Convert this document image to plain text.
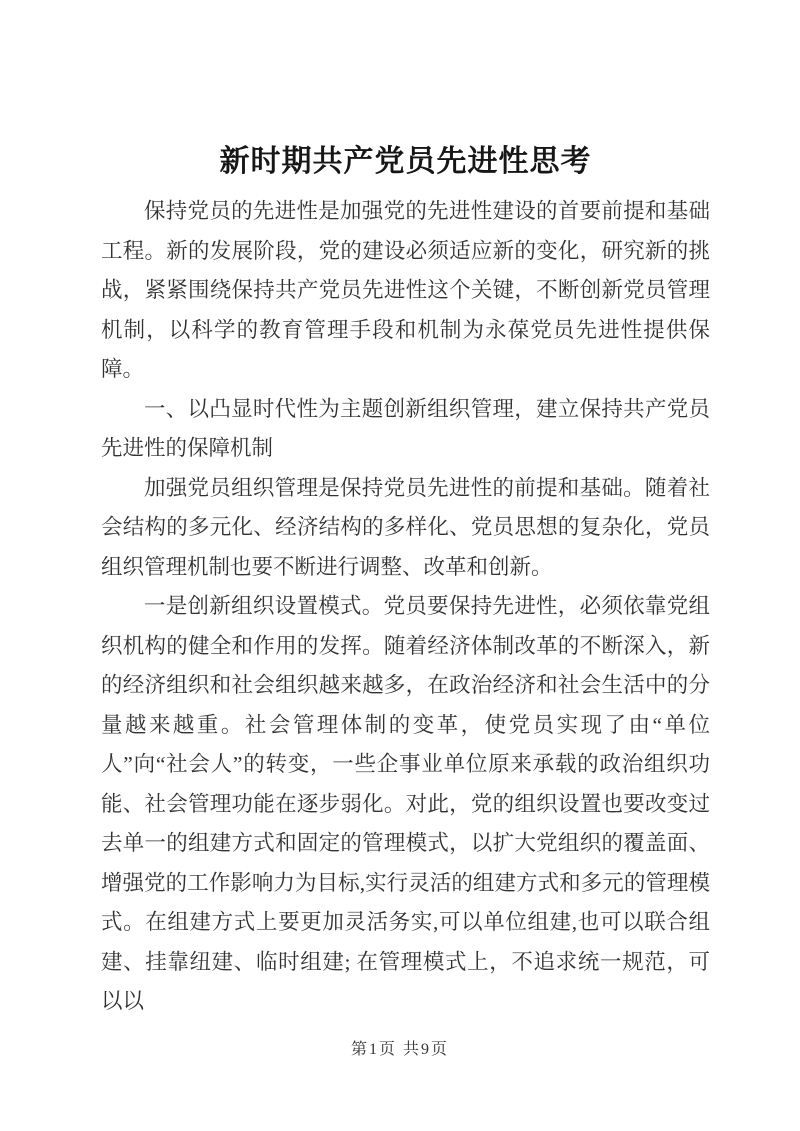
新时期共产党员先进性思考

保持党员的先进性是加强党的先进性建设的首要前提和基础工程。新的发展阶段，党的建设必须适应新的变化，研究新的挑战，紧紧围绕保持共产党员先进性这个关键，不断创新党员管理机制，以科学的教育管理手段和机制为永葆党员先进性提供保障。

一、以凸显时代性为主题创新组织管理，建立保持共产党员先进性的保障机制

加强党员组织管理是保持党员先进性的前提和基础。随着社会结构的多元化、经济结构的多样化、党员思想的复杂化，党员组织管理机制也要不断进行调整、改革和创新。

一是创新组织设置模式。党员要保持先进性，必须依靠党组织机构的健全和作用的发挥。随着经济体制改革的不断深入，新的经济组织和社会组织越来越多，在政治经济和社会生活中的分量越来越重。社会管理体制的变革，使党员实现了由“单位人”向“社会人”的转变，一些企事业单位原来承载的政治组织功能、社会管理功能在逐步弱化。对此，党的组织设置也要改变过去单一的组建方式和固定的管理模式，以扩大党组织的覆盖面、增强党的工作影响力为目标,实行灵活的组建方式和多元的管理模式。在组建方式上要更加灵活务实,可以单位组建,也可以联合组建、挂靠纽建、临时组建; 在管理模式上，不追求统一规范，可以以

第1页 共9页
